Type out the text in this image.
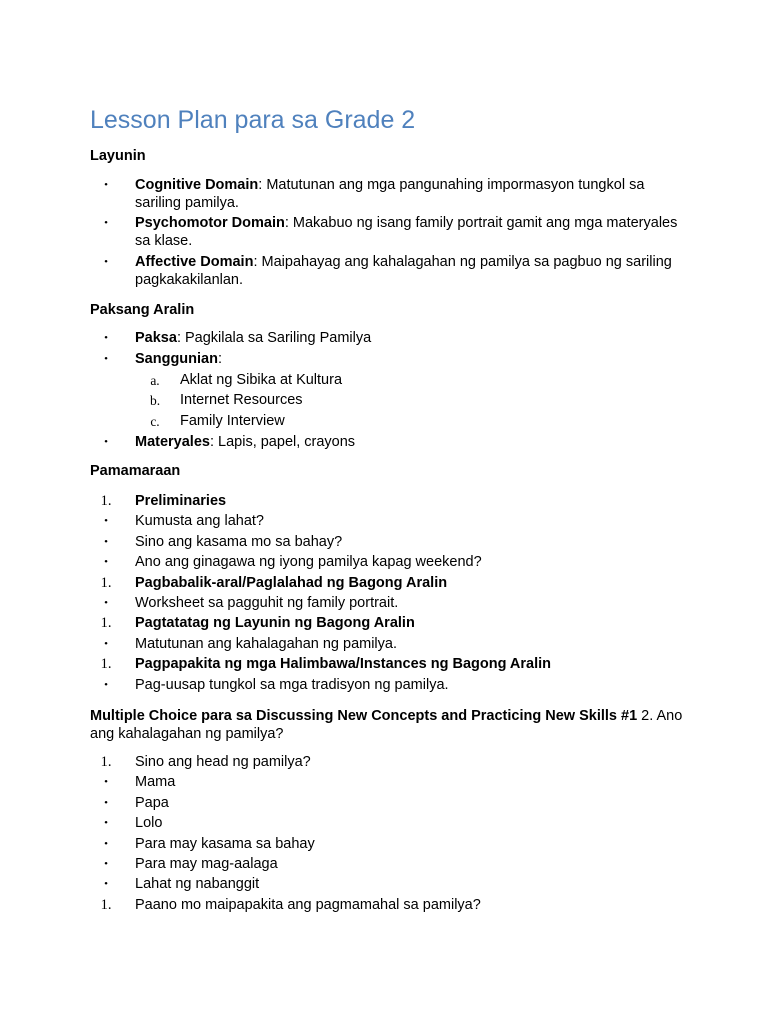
Lesson Plan para sa Grade 2
Layunin
•	Cognitive Domain: Matutunan ang mga pangunahing impormasyon tungkol sa sariling pamilya.
•	Psychomotor Domain: Makabuo ng isang family portrait gamit ang mga materyales sa klase.
•	Affective Domain: Maipahayag ang kahalagahan ng pamilya sa pagbuo ng sariling pagkakakilanlan.
Paksang Aralin
•	Paksa: Pagkilala sa Sariling Pamilya
•	Sanggunian:
a.	Aklat ng Sibika at Kultura
b.	Internet Resources
c.	Family Interview
•	Materyales: Lapis, papel, crayons
Pamamaraan
1.	Preliminaries
•	Kumusta ang lahat?
•	Sino ang kasama mo sa bahay?
•	Ano ang ginagawa ng iyong pamilya kapag weekend?
1.	Pagbabalik-aral/Paglalahad ng Bagong Aralin
•	Worksheet sa pagguhit ng family portrait.
1.	Pagtatatag ng Layunin ng Bagong Aralin
•	Matutunan ang kahalagahan ng pamilya.
1.	Pagpapakita ng mga Halimbawa/Instances ng Bagong Aralin
•	Pag-uusap tungkol sa mga tradisyon ng pamilya.
Multiple Choice para sa Discussing New Concepts and Practicing New Skills #1 2. Ano ang kahalagahan ng pamilya?
1.	Sino ang head ng pamilya?
•	Mama
•	Papa
•	Lolo
•	Para may kasama sa bahay
•	Para may mag-aalaga
•	Lahat ng nabanggit
1.	Paano mo maipapakita ang pagmamahal sa pamilya?
